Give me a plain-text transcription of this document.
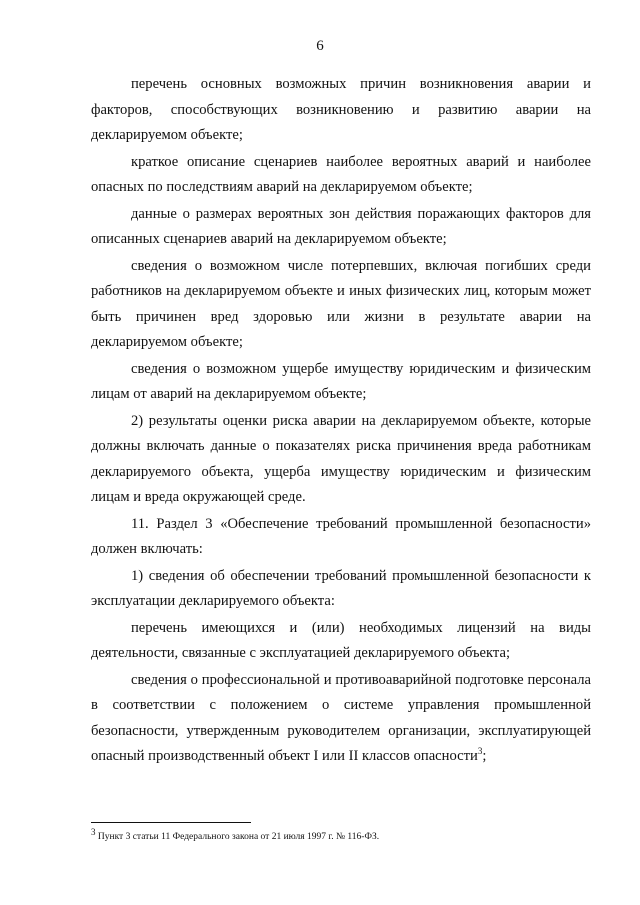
6

перечень основных возможных причин возникновения аварии и факторов, способствующих возникновению и развитию аварии на декларируемом объекте;

краткое описание сценариев наиболее вероятных аварий и наиболее опасных по последствиям аварий на декларируемом объекте;

данные о размерах вероятных зон действия поражающих факторов для описанных сценариев аварий на декларируемом объекте;

сведения о возможном числе потерпевших, включая погибших среди работников на декларируемом объекте и иных физических лиц, которым может быть причинен вред здоровью или жизни в результате аварии на декларируемом объекте;

сведения о возможном ущербе имуществу юридическим и физическим лицам от аварий на декларируемом объекте;

2) результаты оценки риска аварии на декларируемом объекте, которые должны включать данные о показателях риска причинения вреда работникам декларируемого объекта, ущерба имуществу юридическим и физическим лицам и вреда окружающей среде.

11. Раздел 3 «Обеспечение требований промышленной безопасности» должен включать:

1) сведения об обеспечении требований промышленной безопасности к эксплуатации декларируемого объекта:

перечень имеющихся и (или) необходимых лицензий на виды деятельности, связанные с эксплуатацией декларируемого объекта;

сведения о профессиональной и противоаварийной подготовке персонала в соответствии с положением о системе управления промышленной безопасности, утвержденным руководителем организации, эксплуатирующей опасный производственный объект I или II классов опасности$^3$;

$^3$ Пункт 3 статьи 11 Федерального закона от 21 июля 1997 г. № 116-ФЗ.
